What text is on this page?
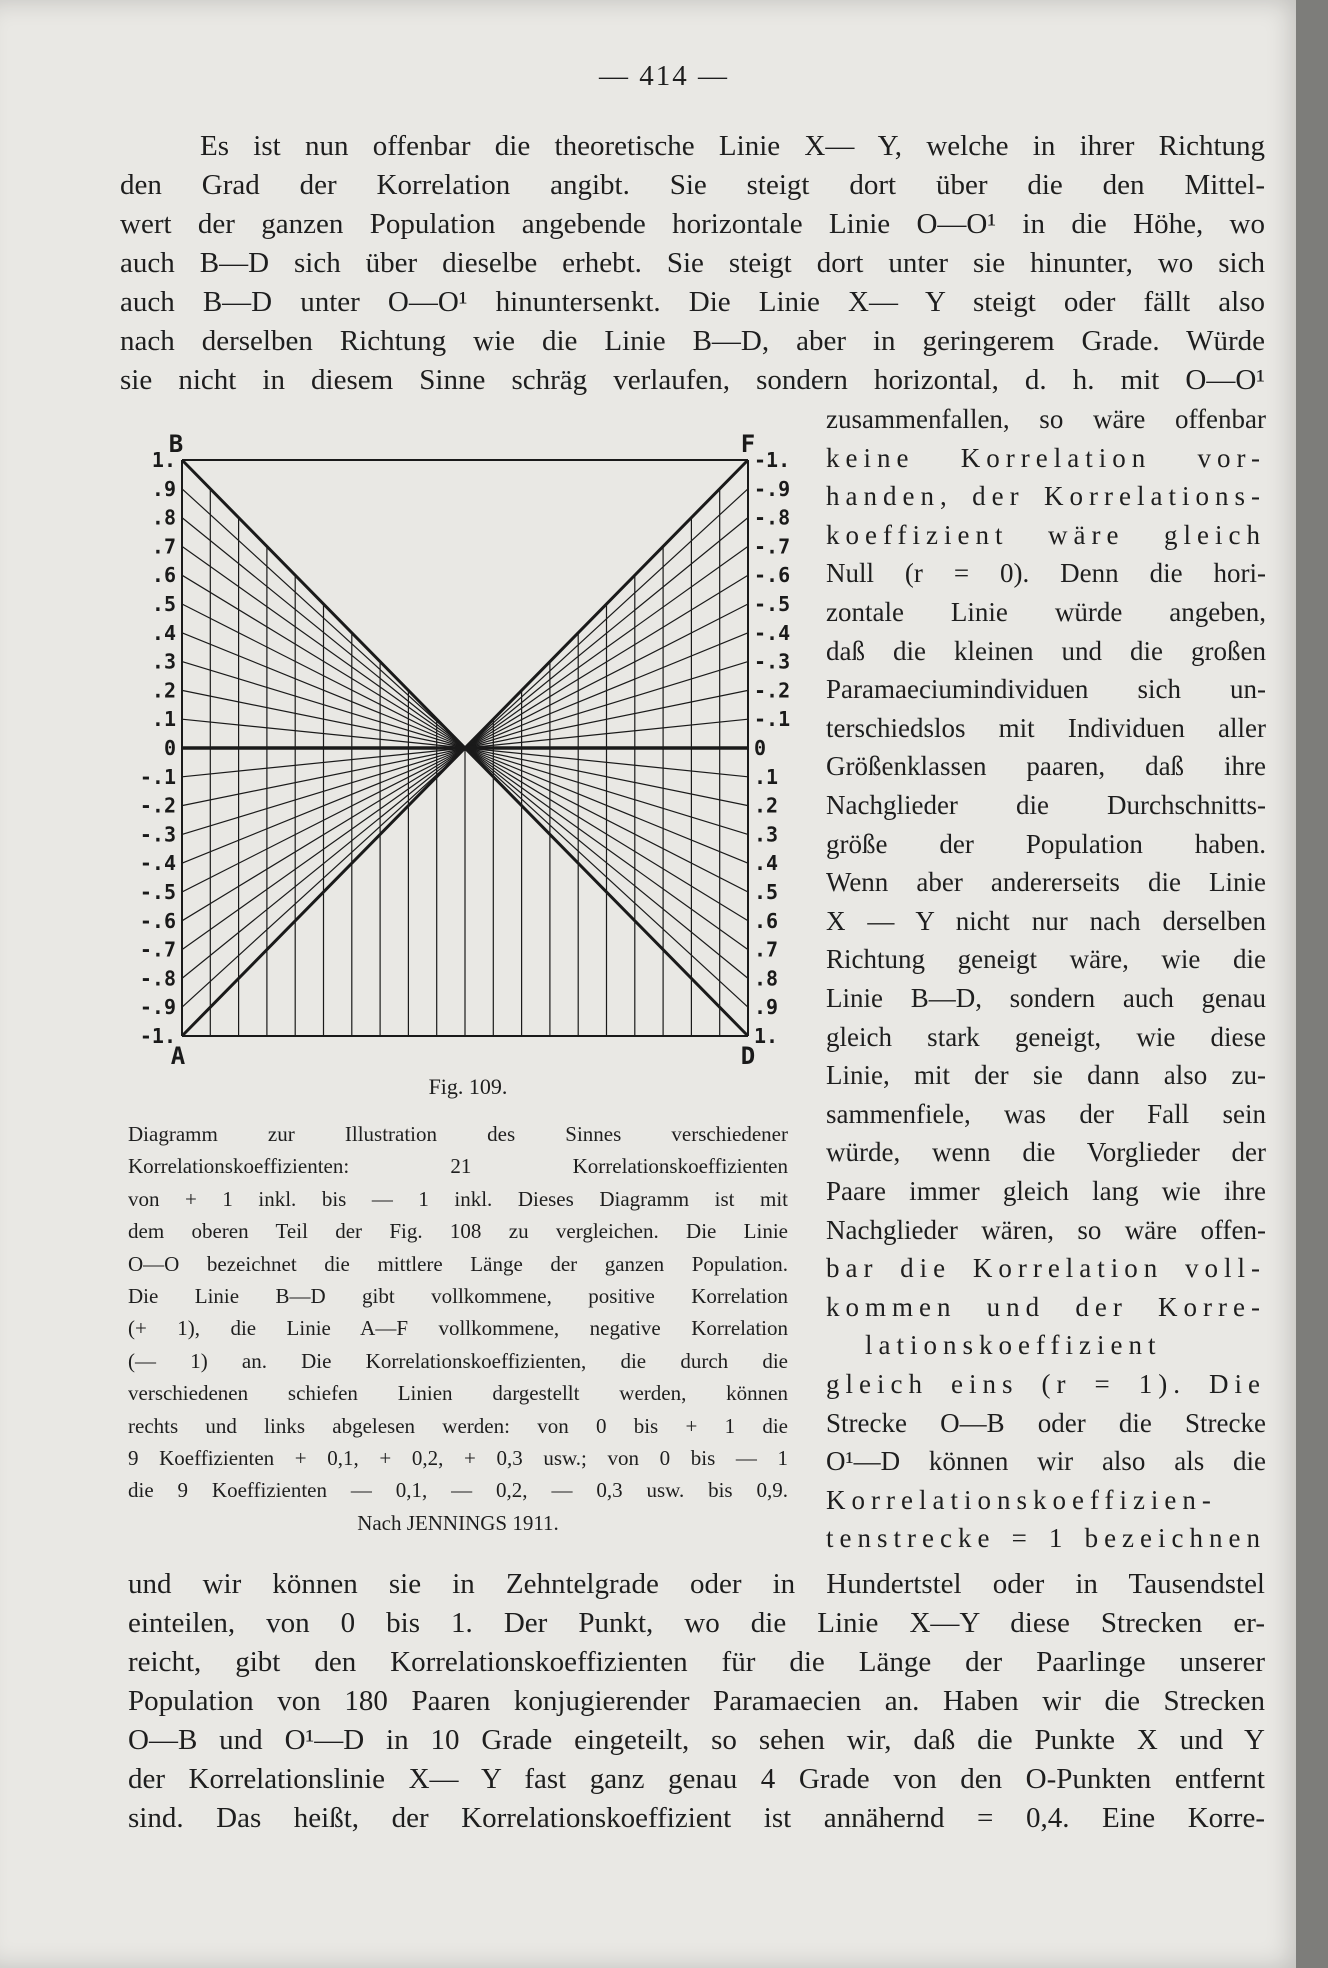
— 414 —
Es ist nun offenbar die theoretische Linie X— Y, welche in ihrer Richtung
den Grad der Korrelation angibt. Sie steigt dort über die den Mittel-
wert der ganzen Population angebende horizontale Linie O—O¹ in die Höhe, wo
auch B—D sich über dieselbe erhebt. Sie steigt dort unter sie hinunter, wo sich
auch B—D unter O—O¹ hinuntersenkt. Die Linie X— Y steigt oder fällt also
nach derselben Richtung wie die Linie B—D, aber in geringerem Grade. Würde
sie nicht in diesem Sinne schräg verlaufen, sondern horizontal, d. h. mit O—O¹
zusammenfallen, so wäre offenbar
keine Korrelation vor-
handen, der Korrelations-
koeffizient wäre gleich
Null (r = 0). Denn die hori-
zontale Linie würde angeben,
daß die kleinen und die großen
Paramaeciumindividuen sich un-
terschiedslos mit Individuen aller
Größenklassen paaren, daß ihre
Nachglieder die Durchschnitts-
größe der Population haben.
Wenn aber andererseits die Linie
X — Y nicht nur nach derselben
Richtung geneigt wäre, wie die
Linie B—D, sondern auch genau
gleich stark geneigt, wie diese
Linie, mit der sie dann also zu-
sammenfiele, was der Fall sein
würde, wenn die Vorglieder der
Paare immer gleich lang wie ihre
Nachglieder wären, so wäre offen-
bar die Korrelation voll-
kommen und der Korre-
lationskoeffizient
gleich eins (r = 1). Die
Strecke O—B oder die Strecke
O¹—D können wir also als die
Korrelationskoeffizien-
tenstrecke = 1 bezeichnen
1.
.9
.8
.7
.6
.5
.4
.3
.2
.1
0
-.1
-.2
-.3
-.4
-.5
-.6
-.7
-.8
-.9
-1.
-1.
-.9
-.8
-.7
-.6
-.5
-.4
-.3
-.2
-.1
0
.1
.2
.3
.4
.5
.6
.7
.8
.9
1.
B	F
A	D
Fig. 109.
Diagramm zur Illustration des Sinnes verschiedener
Korrelationskoeffizienten: 21 Korrelationskoeffizienten
von + 1 inkl. bis — 1 inkl. Dieses Diagramm ist mit
dem oberen Teil der Fig. 108 zu vergleichen. Die Linie
O—O bezeichnet die mittlere Länge der ganzen Population.
Die Linie B—D gibt vollkommene, positive Korrelation
(+ 1), die Linie A—F vollkommene, negative Korrelation
(— 1) an. Die Korrelationskoeffizienten, die durch die
verschiedenen schiefen Linien dargestellt werden, können
rechts und links abgelesen werden: von 0 bis + 1 die
9 Koeffizienten + 0,1, + 0,2, + 0,3 usw.; von 0 bis — 1
die 9 Koeffizienten — 0,1, — 0,2, — 0,3 usw. bis 0,9.
Nach JENNINGS 1911.
und wir können sie in Zehntelgrade oder in Hundertstel oder in Tausendstel
einteilen, von 0 bis 1. Der Punkt, wo die Linie X—Y diese Strecken er-
reicht, gibt den Korrelationskoeffizienten für die Länge der Paarlinge unserer
Population von 180 Paaren konjugierender Paramaecien an. Haben wir die Strecken
O—B und O¹—D in 10 Grade eingeteilt, so sehen wir, daß die Punkte X und Y
der Korrelationslinie X— Y fast ganz genau 4 Grade von den O-Punkten entfernt
sind. Das heißt, der Korrelationskoeffizient ist annähernd = 0,4. Eine Korre-
